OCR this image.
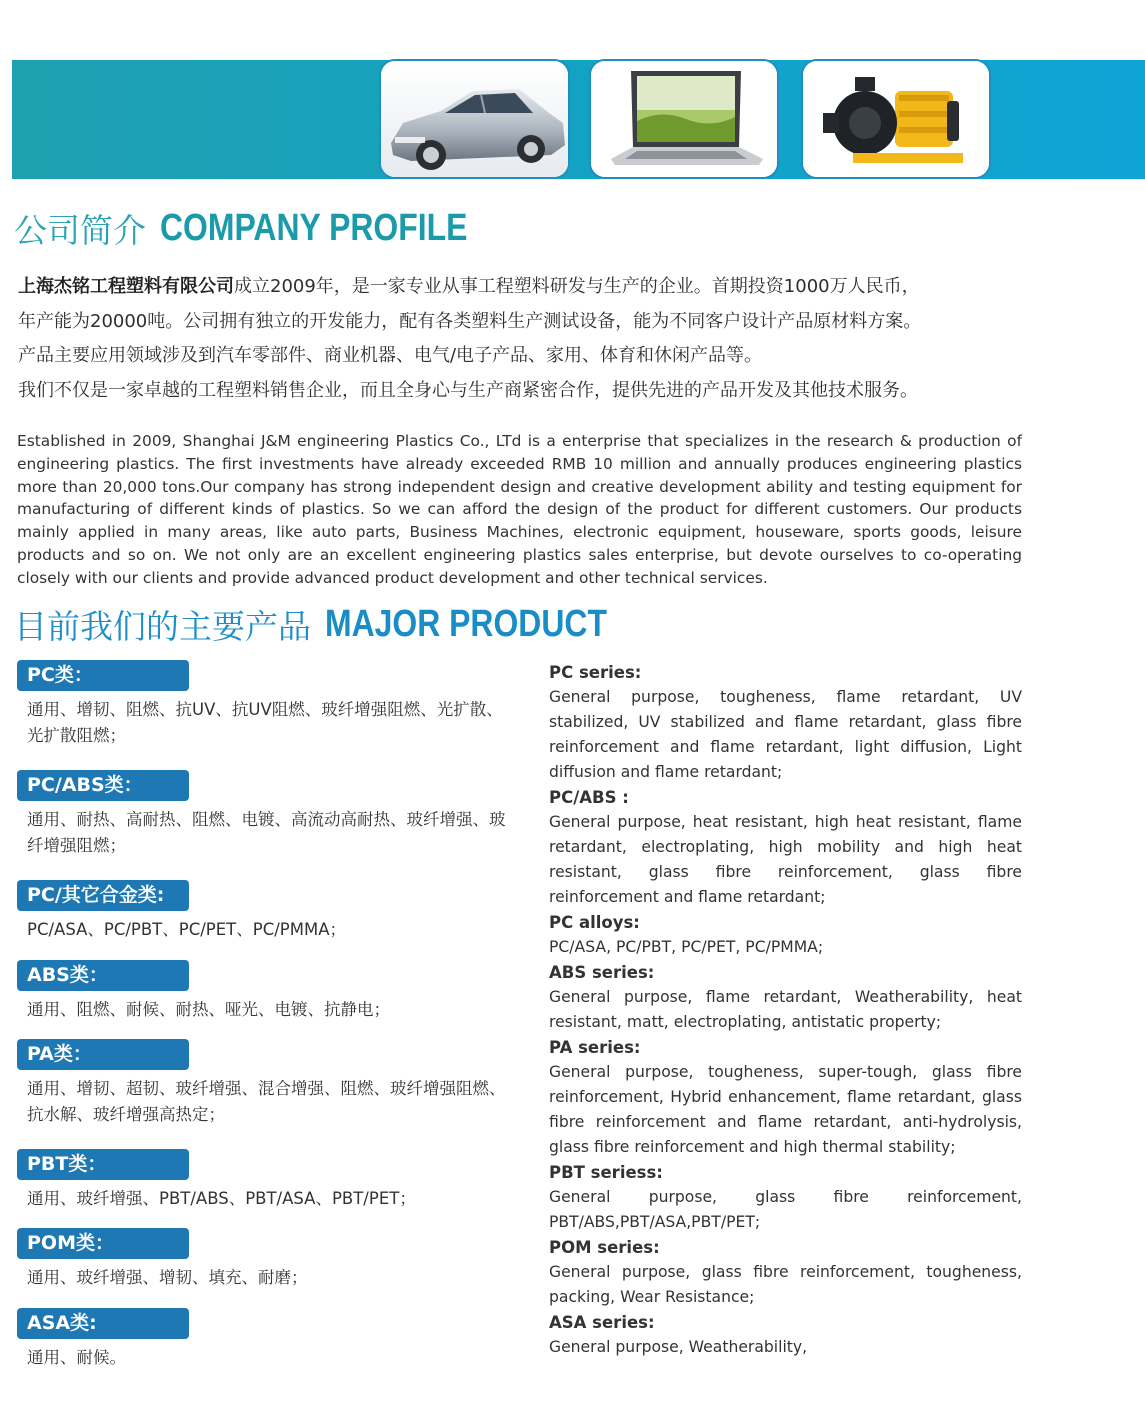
公司简介 COMPANY PROFILE

上海杰铭工程塑料有限公司成立2009年，是一家专业从事工程塑料研发与生产的企业。首期投资1000万人民币，

年产能为20000吨。公司拥有独立的开发能力，配有各类塑料生产测试设备，能为不同客户设计产品原材料方案。

产品主要应用领域涉及到汽车零部件、商业机器、电气/电子产品、家用、体育和休闲产品等。

我们不仅是一家卓越的工程塑料销售企业，而且全身心与生产商紧密合作，提供先进的产品开发及其他技术服务。

Established in 2009, Shanghai J&M engineering Plastics Co., LTd is a enterprise that specializes in the research & production of engineering plastics. The first investments have already exceeded RMB 10 million and annually produces engineering plastics more than 20,000 tons.Our company has strong independent design and creative development ability and testing equipment for manufacturing of different kinds of plastics. So we can afford the design of the product for different customers. Our products mainly applied in many areas, like auto parts, Business Machines, electronic equipment, houseware, sports goods, leisure products and so on. We not only are an excellent engineering plastics sales enterprise, but devote ourselves to co-operating closely with our clients and provide advanced product development and other technical services.
目前我们的主要产品 MAJOR PRODUCT
PC类：
通用、增韧、阻燃、抗UV、抗UV阻燃、玻纤增强阻燃、光扩散、光扩散阻燃；
PC/ABS类：
通用、耐热、高耐热、阻燃、电镀、高流动高耐热、玻纤增强、玻纤增强阻燃；
PC/其它合金类:
PC/ASA、PC/PBT、PC/PET、PC/PMMA；
ABS类：
通用、阻燃、耐候、耐热、哑光、电镀、抗静电；
PA类：
通用、增韧、超韧、玻纤增强、混合增强、阻燃、玻纤增强阻燃、抗水解、玻纤增强高热定；
PBT类：
通用、玻纤增强、PBT/ABS、PBT/ASA、PBT/PET；
POM类：
通用、玻纤增强、增韧、填充、耐磨；
ASA类:
通用、耐候。
PC series:
General purpose, tougheness, flame retardant, UV stabilized, UV stabilized and flame retardant, glass fibre reinforcement and flame retardant, light diffusion, Light diffusion and flame retardant;
PC/ABS :
General purpose, heat resistant, high heat resistant, flame retardant, electroplating, high mobility and high heat resistant, glass fibre reinforcement, glass fibre reinforcement and flame retardant;
PC alloys:
PC/ASA, PC/PBT, PC/PET, PC/PMMA;
ABS series:
General purpose, flame retardant, Weatherability, heat resistant, matt, electroplating, antistatic property;
PA series:
General purpose, tougheness, super-tough, glass fibre reinforcement, Hybrid enhancement, flame retardant, glass fibre reinforcement and flame retardant, anti-hydrolysis, glass fibre reinforcement and high thermal stability;
PBT seriess:
General purpose, glass fibre reinforcement, PBT/ABS,PBT/ASA,PBT/PET;
POM series:
General purpose, glass fibre reinforcement, tougheness, packing, Wear Resistance;
ASA series:
General purpose, Weatherability,
